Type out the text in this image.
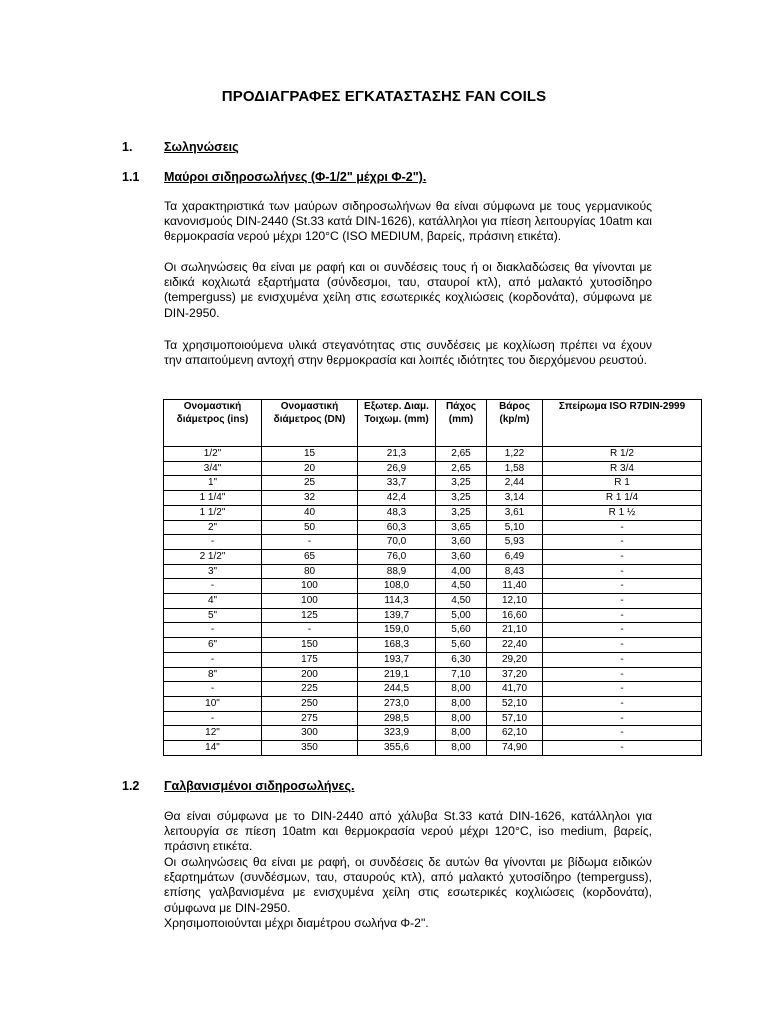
ΠΡΟΔΙΑΓΡΑΦΕΣ ΕΓΚΑΤΑΣΤΑΣΗΣ FAN COILS
1.	Σωληνώσεις
1.1 Μαύροι σιδηροσωλήνες (Φ-1/2" μέχρι Φ-2").

Τα χαρακτηριστικά των μαύρων σιδηροσωλήνων θα είναι σύμφωνα με τους γερμανικούς κανονισμούς DIN-2440 (St.33 κατά DIN-1626), κατάλληλοι για πίεση λειτουργίας 10atm και θερμοκρασία νερού μέχρι 120°C (ISO MEDIUM, βαρείς, πράσινη ετικέτα).

Οι σωληνώσεις θα είναι με ραφή και οι συνδέσεις τους ή οι διακλαδώσεις θα γίνονται με ειδικά κοχλιωτά εξαρτήματα (σύνδεσμοι, ταυ, σταυροί κτλ), από μαλακτό χυτοσίδηρο (temperguss) με ενισχυμένα χείλη στις εσωτερικές κοχλιώσεις (κορδονάτα), σύμφωνα με DIN-2950.

Τα χρησιμοποιούμενα υλικά στεγανότητας στις συνδέσεις με κοχλίωση πρέπει να έχουν την απαιτούμενη αντοχή στην θερμοκρασία και λοιπές ιδιότητες του διερχόμενου ρευστού.

Ονομαστική διάμετρος (ins)	Ονομαστική διάμετρος (DN)	Εξωτερ. Διαμ. Τοιχωμ. (mm)	Πάχος (mm)	Βάρος (kp/m)	Σπείρωμα ISO R7DIN-2999
1/2"	15	21,3	2,65	1,22	R 1/2
3/4"	20	26,9	2,65	1,58	R 3/4
1"	25	33,7	3,25	2,44	R 1
1 1/4"	32	42,4	3,25	3,14	R 1 1/4
1 1/2"	40	48,3	3,25	3,61	R 1 ½
2"	50	60,3	3,65	5,10	-
-	-	70,0	3,60	5,93	-
2 1/2"	65	76,0	3,60	6,49	-
3"	80	88,9	4,00	8,43	-
-	100	108,0	4,50	11,40	-
4"	100	114,3	4,50	12,10	-
5"	125	139,7	5,00	16,60	-
-	-	159,0	5,60	21,10	-
6"	150	168,3	5,60	22,40	-
-	175	193,7	6,30	29,20	-
8"	200	219,1	7,10	37,20	-
-	225	244,5	8,00	41,70	-
10"	250	273,0	8,00	52,10	-
-	275	298,5	8,00	57,10	-
12"	300	323,9	8,00	62,10	-
14"	350	355,6	8,00	74,90	-
1.2 Γαλβανισμένοι σιδηροσωλήνες.

Θα είναι σύμφωνα με το DIN-2440 από χάλυβα St.33 κατά DIN-1626, κατάλληλοι για λειτουργία σε πίεση 10atm και θερμοκρασία νερού μέχρι 120°C, iso medium, βαρείς, πράσινη ετικέτα.

Οι σωληνώσεις θα είναι με ραφή, οι συνδέσεις δε αυτών θα γίνονται με βίδωμα ειδικών εξαρτημάτων (συνδέσμων, ταυ, σταυρούς κτλ), από μαλακτό χυτοσίδηρο (temperguss), επίσης γαλβανισμένα με ενισχυμένα χείλη στις εσωτερικές κοχλιώσεις (κορδονάτα), σύμφωνα με DIN-2950.

Χρησιμοποιούνται μέχρι διαμέτρου σωλήνα Φ-2".
